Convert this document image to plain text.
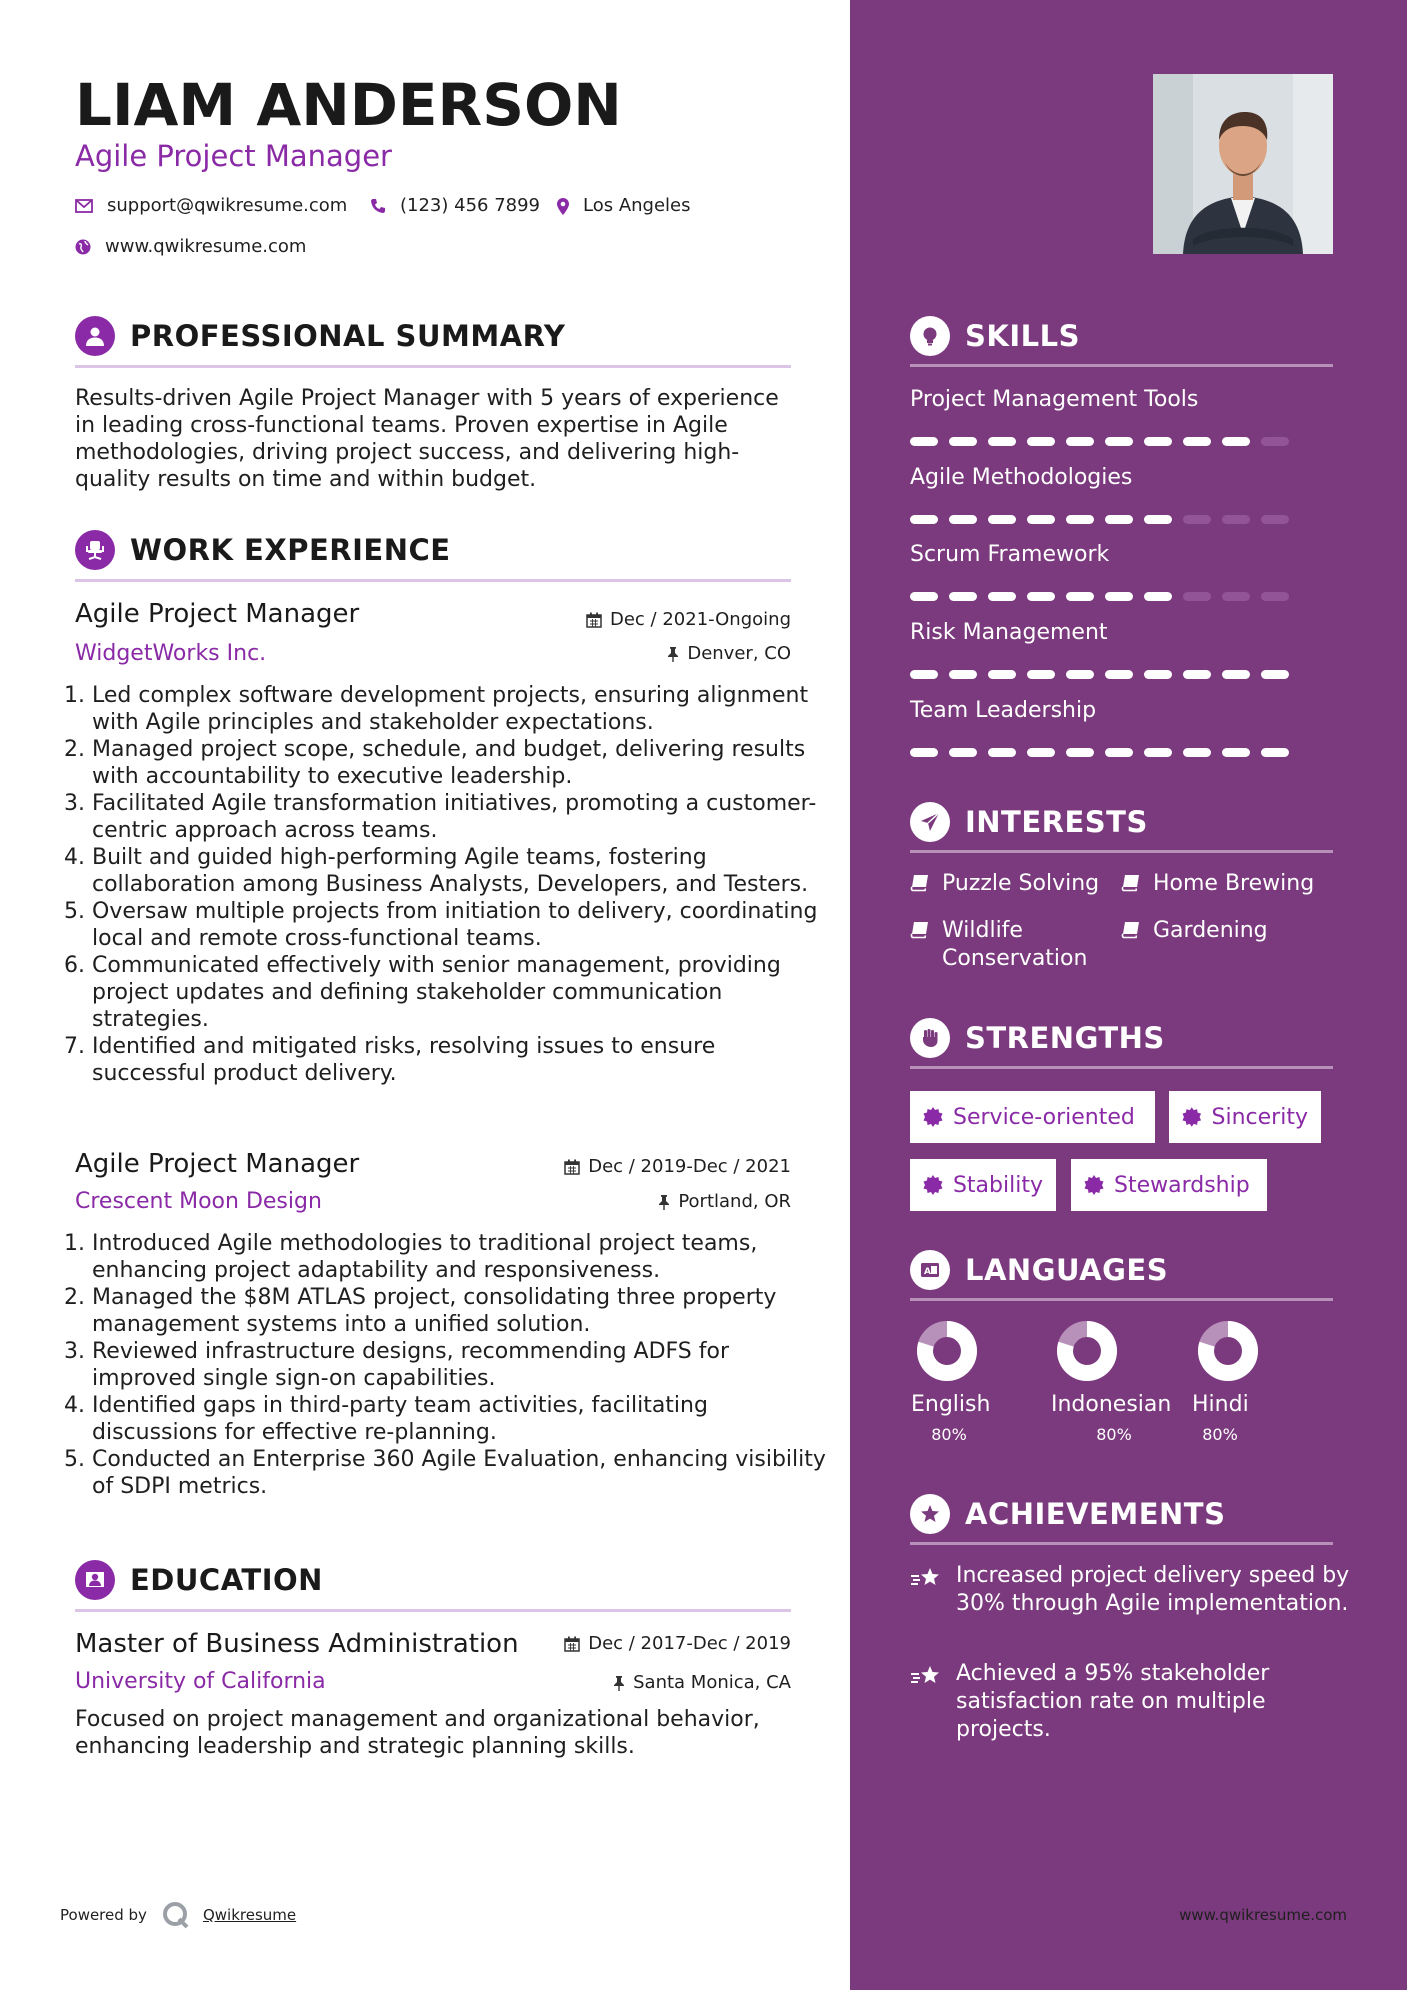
LIAM ANDERSON
Agile Project Manager
support@qwikresume.com	(123) 456 7899 Los Angeles
www.qwikresume.com
PROFESSIONAL SUMMARY
Results-driven Agile Project Manager with 5 years of experience in leading cross-functional teams. Proven expertise in Agile methodologies, driving project success, and delivering high-quality results on time and within budget.
WORK EXPERIENCE
Agile Project Manager	Dec / 2021-Ongoing
WidgetWorks Inc.	Denver, CO
1. Led complex software development projects, ensuring alignment with Agile principles and stakeholder expectations.
2. Managed project scope, schedule, and budget, delivering results with accountability to executive leadership.
3. Facilitated Agile transformation initiatives, promoting a customer-centric approach across teams.
4. Built and guided high-performing Agile teams, fostering collaboration among Business Analysts, Developers, and Testers.
5. Oversaw multiple projects from initiation to delivery, coordinating local and remote cross-functional teams.
6. Communicated effectively with senior management, providing project updates and defining stakeholder communication strategies.
7. Identified and mitigated risks, resolving issues to ensure successful product delivery.
Agile Project Manager	Dec / 2019-Dec / 2021
Crescent Moon Design	Portland, OR
1. Introduced Agile methodologies to traditional project teams, enhancing project adaptability and responsiveness.
2. Managed the $8M ATLAS project, consolidating three property management systems into a unified solution.
3. Reviewed infrastructure designs, recommending ADFS for improved single sign-on capabilities.
4. Identified gaps in third-party team activities, facilitating discussions for effective re-planning.
5. Conducted an Enterprise 360 Agile Evaluation, enhancing visibility of SDPI metrics.
EDUCATION
Master of Business Administration	Dec / 2017-Dec / 2019
University of California	Santa Monica, CA
Focused on project management and organizational behavior, enhancing leadership and strategic planning skills.
Powered by	Qwikresume	www.qwikresume.com
SKILLS
Project Management Tools
Agile Methodologies
Scrum Framework
Risk Management
Team Leadership
INTERESTS
Puzzle Solving Home Brewing
Wildlife Conservation
Gardening
STRENGTHS
Service-oriented	Sincerity
Stability	Stewardship
A LANGUAGES
English
80%
Indonesian
80%
Hindi
80%
ACHIEVEMENTS
Increased project delivery speed by 30% through Agile implementation.
Achieved a 95% stakeholder satisfaction rate on multiple projects.
